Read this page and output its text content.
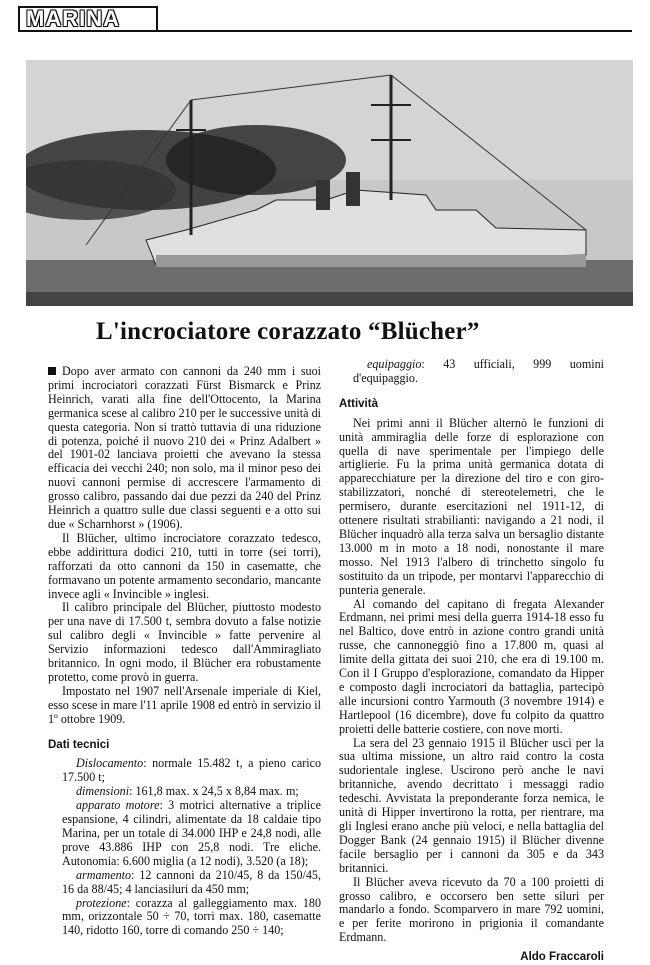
MARINA
L'incrociatore corazzato “Blücher”

Dopo aver armato con cannoni da 240 mm i suoi primi incrociatori corazzati Fürst Bismarck e Prinz Heinrich, varati alla fine dell'Ottocento, la Marina germanica scese al calibro 210 per le successive unità di questa categoria. Non si trattò tuttavia di una riduzione di potenza, poiché il nuovo 210 dei « Prinz Adalbert » del 1901-02 lanciava proietti che avevano la stessa efficacia dei vecchi 240; non solo, ma il minor peso dei nuovi cannoni permise di accrescere l'armamento di grosso calibro, passando dai due pezzi da 240 del Prinz Heinrich a quattro sulle due classi seguenti e a otto sui due « Scharnhorst » (1906).

Il Blücher, ultimo incrociatore corazzato tedesco, ebbe addirittura dodici 210, tutti in torre (sei torri), rafforzati da otto cannoni da 150 in casematte, che formavano un potente armamento secondario, mancante invece agli « Invincible » inglesi.

Il calibro principale del Blücher, piuttosto modesto per una nave di 17.500 t, sembra dovuto a false notizie sul calibro degli « Invincible » fatte pervenire al Servizio informazioni tedesco dall'Ammiragliato britannico. In ogni modo, il Blücher era robustamente protetto, come provò in guerra.

Impostato nel 1907 nell'Arsenale imperiale di Kiel, esso scese in mare l'11 aprile 1908 ed entrò in servizio il 1º ottobre 1909.

Dati tecnici

Dislocamento: normale 15.482 t, a pieno carico 17.500 t;

dimensioni: 161,8 max. x 24,5 x 8,84 max. m;

apparato motore: 3 motrici alternative a triplice espansione, 4 cilindri, alimentate da 18 caldaie tipo Marina, per un totale di 34.000 IHP e 24,8 nodi, alle prove 43.886 IHP con 25,8 nodi. Tre eliche. Autonomia: 6.600 miglia (a 12 nodi), 3.520 (a 18);

armamento: 12 cannoni da 210/45, 8 da 150/45, 16 da 88/45; 4 lanciasiluri da 450 mm;

protezione: corazza al galleggiamento max. 180 mm, orizzontale 50 ÷ 70, torri max. 180, casematte 140, ridotto 160, torre di comando 250 ÷ 140;

equipaggio: 43 ufficiali, 999 uomini d'equipaggio.

Attività

Nei primi anni il Blücher alternò le funzioni di unità ammiraglia delle forze di esplorazione con quella di nave sperimentale per l'impiego delle artiglierie. Fu la prima unità germanica dotata di apparecchiature per la direzione del tiro e con giro-stabilizzatori, nonché di stereotelemetri, che le permisero, durante esercitazioni nel 1911-12, di ottenere risultati strabilianti: navigando a 21 nodi, il Blücher inquadrò alla terza salva un bersaglio distante 13.000 m in moto a 18 nodi, nonostante il mare mosso. Nel 1913 l'albero di trinchetto singolo fu sostituito da un tripode, per montarvi l'apparecchio di punteria generale.

Al comando del capitano di fregata Alexander Erdmann, nei primi mesi della guerra 1914-18 esso fu nel Baltico, dove entrò in azione contro grandi unità russe, che cannoneggiò fino a 17.800 m, quasi al limite della gittata dei suoi 210, che era di 19.100 m. Con il I Gruppo d'esplorazione, comandato da Hipper e composto dagli incrociatori da battaglia, partecipò alle incursioni contro Yarmouth (3 novembre 1914) e Hartlepool (16 dicembre), dove fu colpito da quattro proietti delle batterie costiere, con nove morti.

La sera del 23 gennaio 1915 il Blücher uscì per la sua ultima missione, un altro raid contro la costa sudorientale inglese. Uscirono però anche le navi britanniche, avendo decrittato i messaggi radio tedeschi. Avvistata la preponderante forza nemica, le unità di Hipper invertirono la rotta, per rientrare, ma gli Inglesi erano anche più veloci, e nella battaglia del Dogger Bank (24 gennaio 1915) il Blücher divenne facile bersaglio per i cannoni da 305 e da 343 britannici.

Il Blücher aveva ricevuto da 70 a 100 proietti di grosso calibro, e occorsero ben sette siluri per mandarlo a fondo. Scomparvero in mare 792 uomini, e per ferite morirono in prigionia il comandante Erdmann.

Aldo Fraccaroli
